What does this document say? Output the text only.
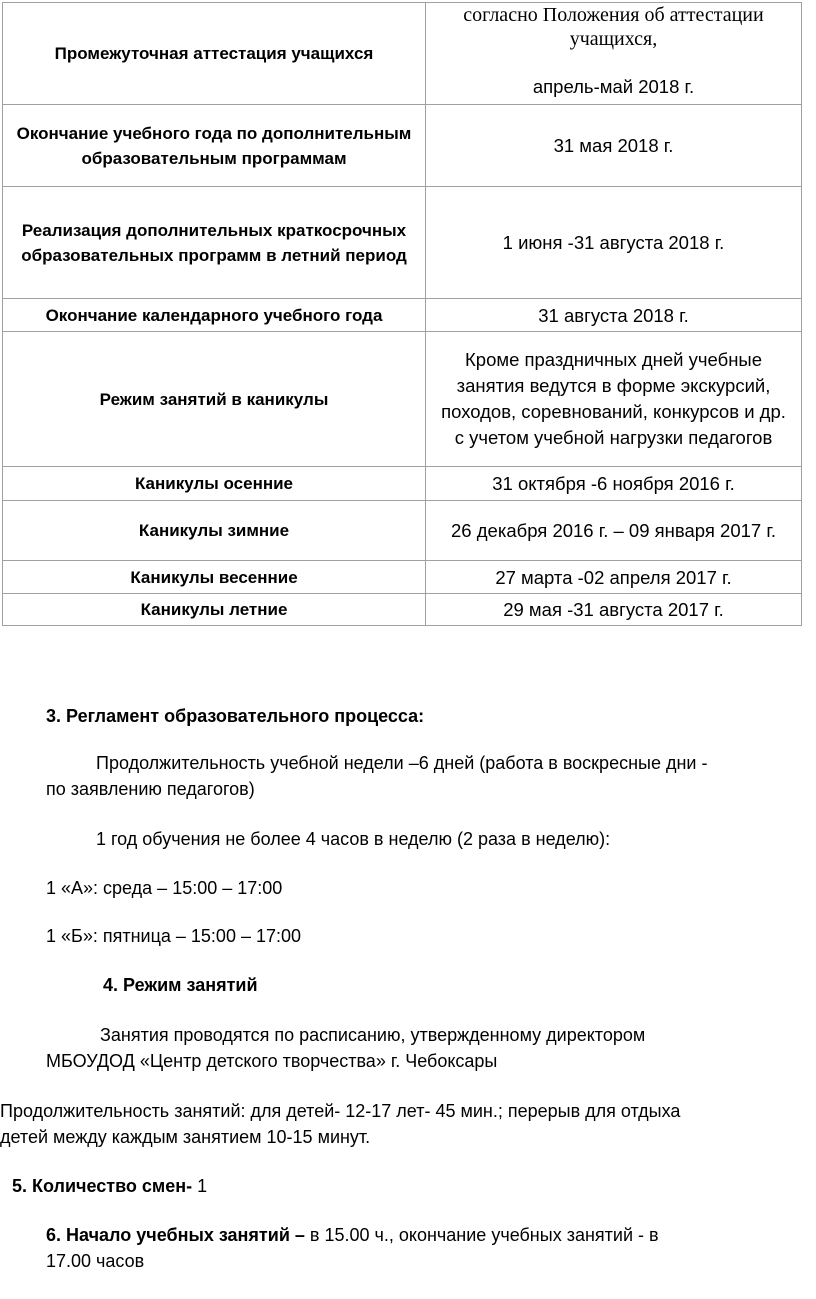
Промежуточная аттестация учащихся	согласно Положения об аттестации
учащихся,
апрель-май 2018 г.

Окончание учебного года по дополнительным образовательным программам	31 мая 2018 г.
Реализация дополнительных краткосрочных образовательных программ в летний период	1 июня -31 августа 2018 г.
Окончание календарного учебного года	31 августа 2018 г.
Режим занятий в каникулы	Кроме праздничных дней учебные занятия ведутся в форме экскурсий, походов, соревнований, конкурсов и др. с учетом учебной нагрузки педагогов
Каникулы осенние	31 октября -6 ноября 2016 г.
Каникулы зимние	26 декабря 2016 г. – 09 января 2017 г.
Каникулы весенние	27 марта -02 апреля 2017 г.
Каникулы летние	29 мая -31 августа 2017 г.
3. Регламент образовательного процесса:
Продолжительность учебной недели –6 дней (работа в воскресные дни -
по заявлению педагогов)
1 год обучения не более 4 часов в неделю (2 раза в неделю):
1 «А»: среда – 15:00 – 17:00
1 «Б»: пятница – 15:00 – 17:00
4. Режим занятий
Занятия проводятся по расписанию, утвержденному директором
МБОУДОД «Центр детского творчества» г. Чебоксары
Продолжительность занятий: для детей- 12-17 лет- 45 мин.; перерыв для отдыха
детей между каждым занятием 10-15 минут.
5. Количество смен- 1
6. Начало учебных занятий – в 15.00 ч., окончание учебных занятий - в
17.00 часов
